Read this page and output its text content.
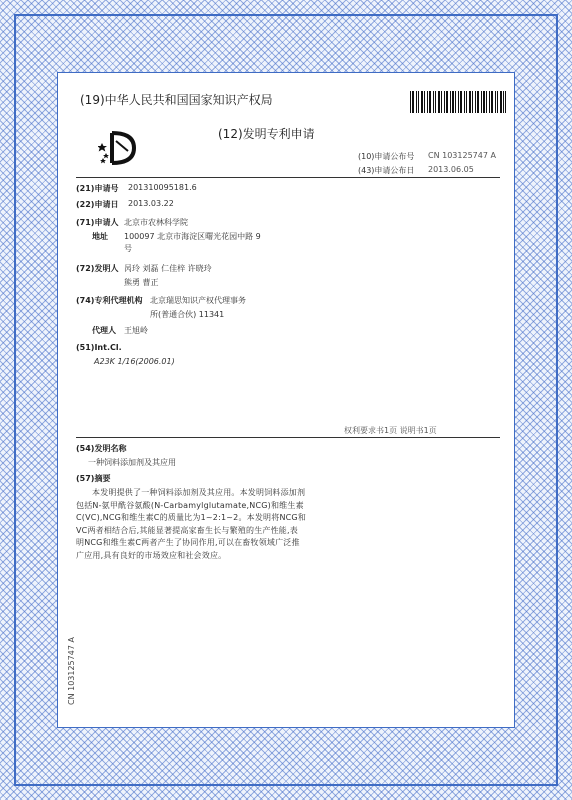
(19)中华人民共和国国家知识产权局
(12)发明专利申请
(10)申请公布号 CN 103125747 A
(43)申请公布日 2013.06.05
(21)申请号 201310095181.6
(22)申请日 2013.03.22
(71)申请人 北京市农林科学院
地址 100097 北京市海淀区曙光花园中路 9
号
(72)发明人 呙玲 刘磊 仁佳梓 许晓玲
熊勇 曹正
(74)专利代理机构 北京瑞思知识产权代理事务
所(普通合伙) 11341
代理人 王旭岭
(51)Int.Cl.
A23K 1/16(2006.01)
权利要求书1页 说明书1页
(54)发明名称
一种饲料添加剂及其应用
(57)摘要
本发明提供了一种饲料添加剂及其应用。本发明饲料添加剂包括N-氨甲酰谷氨酸(N-Carbamylglutamate,NCG)和维生素C(VC),NCG和维生素C的质量比为1~2:1~2。本发明将NCG和VC两者相结合后,其能显著提高家畜生长与繁殖的生产性能,表明NCG和维生素C两者产生了协同作用,可以在畜牧领域广泛推广应用,具有良好的市场效应和社会效应。
CN 103125747 A
